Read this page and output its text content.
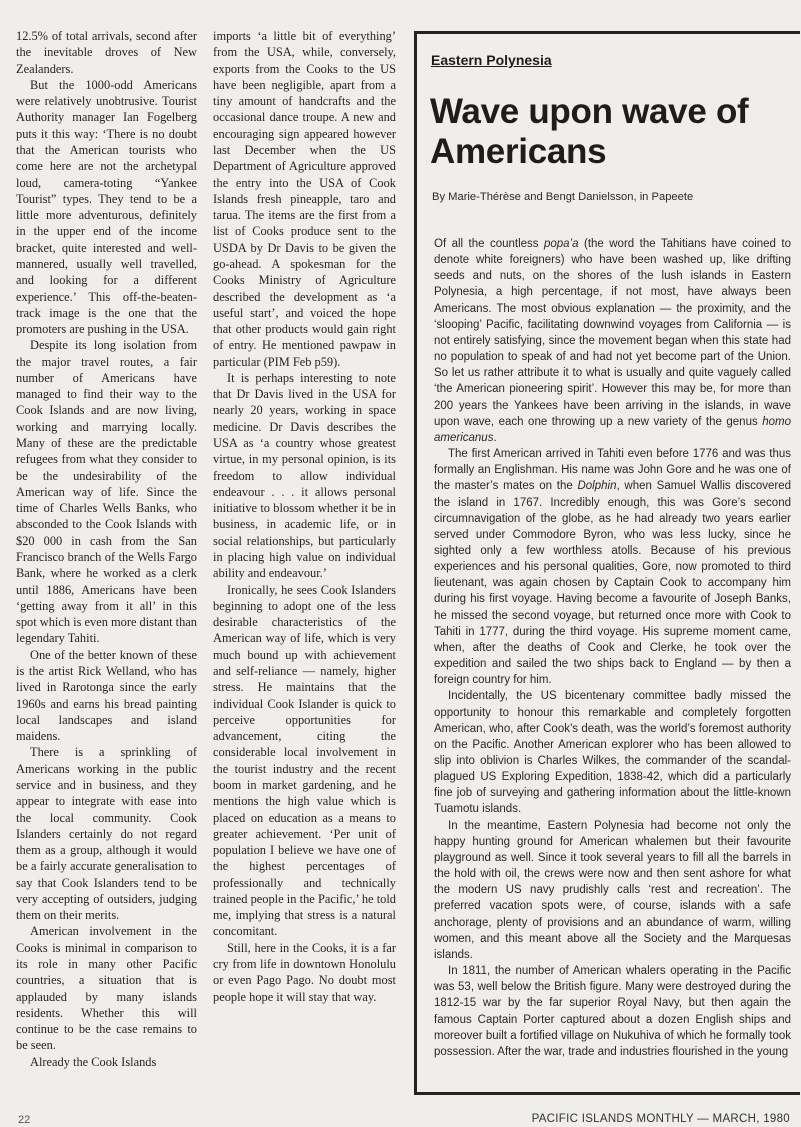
12.5% of total arrivals, second after the inevitable droves of New Zealanders.

But the 1000-odd Americans were relatively unobtrusive. Tourist Authority manager Ian Fogelberg puts it this way: ‘There is no doubt that the American tourists who come here are not the archetypal loud, camera-toting “Yankee Tourist” types. They tend to be a little more adventurous, definitely in the upper end of the income bracket, quite interested and well-mannered, usually well travelled, and looking for a different experience.’ This off-the-beaten-track image is the one that the promoters are pushing in the USA.

Despite its long isolation from the major travel routes, a fair number of Americans have managed to find their way to the Cook Islands and are now living, working and marrying locally. Many of these are the predictable refugees from what they consider to be the undesirability of the American way of life. Since the time of Charles Wells Banks, who absconded to the Cook Islands with $20 000 in cash from the San Francisco branch of the Wells Fargo Bank, where he worked as a clerk until 1886, Americans have been ‘getting away from it all’ in this spot which is even more distant than legendary Tahiti.

One of the better known of these is the artist Rick Welland, who has lived in Rarotonga since the early 1960s and earns his bread painting local landscapes and island maidens.

There is a sprinkling of Americans working in the public service and in business, and they appear to integrate with ease into the local community. Cook Islanders certainly do not regard them as a group, although it would be a fairly accurate generalisation to say that Cook Islanders tend to be very accepting of outsiders, judging them on their merits.

American involvement in the Cooks is minimal in comparison to its role in many other Pacific countries, a situation that is applauded by many islands residents. Whether this will continue to be the case remains to be seen.

Already the Cook Islands

imports ‘a little bit of everything’ from the USA, while, conversely, exports from the Cooks to the US have been negligible, apart from a tiny amount of handcrafts and the occasional dance troupe. A new and encouraging sign appeared however last December when the US Department of Agriculture approved the entry into the USA of Cook Islands fresh pineapple, taro and tarua. The items are the first from a list of Cooks produce sent to the USDA by Dr Davis to be given the go-ahead. A spokesman for the Cooks Ministry of Agriculture described the development as ‘a useful start’, and voiced the hope that other products would gain right of entry. He mentioned pawpaw in particular (PIM Feb p59).

It is perhaps interesting to note that Dr Davis lived in the USA for nearly 20 years, working in space medicine. Dr Davis describes the USA as ‘a country whose greatest virtue, in my personal opinion, is its freedom to allow individual endeavour . . . it allows personal initiative to blossom whether it be in business, in academic life, or in social relationships, but particularly in placing high value on individual ability and endeavour.’

Ironically, he sees Cook Islanders beginning to adopt one of the less desirable characteristics of the American way of life, which is very much bound up with achievement and self-reliance — namely, higher stress. He maintains that the individual Cook Islander is quick to perceive opportunities for advancement, citing the considerable local involvement in the tourist industry and the recent boom in market gardening, and he mentions the high value which is placed on education as a means to greater achievement. ‘Per unit of population I believe we have one of the highest percentages of professionally and technically trained people in the Pacific,’ he told me, implying that stress is a natural concomitant.

Still, here in the Cooks, it is a far cry from life in downtown Honolulu or even Pago Pago. No doubt most people hope it will stay that way.

Eastern Polynesia
Wave upon wave of Americans
By Marie-Thérèse and Bengt Danielsson, in Papeete

Of all the countless popa’a (the word the Tahitians have coined to denote white foreigners) who have been washed up, like drifting seeds and nuts, on the shores of the lush islands in Eastern Polynesia, a high percentage, if not most, have always been Americans. The most obvious explanation — the proximity, and the ‘slooping’ Pacific, facilitating downwind voyages from California — is not entirely satisfying, since the movement began when this state had no population to speak of and had not yet become part of the Union. So let us rather attribute it to what is usually and quite vaguely called ‘the American pioneering spirit’. However this may be, for more than 200 years the Yankees have been arriving in the islands, in wave upon wave, each one throwing up a new variety of the genus homo americanus.

The first American arrived in Tahiti even before 1776 and was thus formally an Englishman. His name was John Gore and he was one of the master’s mates on the Dolphin, when Samuel Wallis discovered the island in 1767. Incredibly enough, this was Gore’s second circumnavigation of the globe, as he had already two years earlier served under Commodore Byron, who was less lucky, since he sighted only a few worthless atolls. Because of his previous experiences and his personal qualities, Gore, now promoted to third lieutenant, was again chosen by Captain Cook to accompany him during his first voyage. Having become a favourite of Joseph Banks, he missed the second voyage, but returned once more with Cook to Tahiti in 1777, during the third voyage. His supreme moment came, when, after the deaths of Cook and Clerke, he took over the expedition and sailed the two ships back to England — by then a foreign country for him.

Incidentally, the US bicentenary committee badly missed the opportunity to honour this remarkable and completely forgotten American, who, after Cook’s death, was the world’s foremost authority on the Pacific. Another American explorer who has been allowed to slip into oblivion is Charles Wilkes, the commander of the scandal-plagued US Exploring Expedition, 1838-42, which did a particularly fine job of surveying and gathering information about the little-known Tuamotu islands.

In the meantime, Eastern Polynesia had become not only the happy hunting ground for American whalemen but their favourite playground as well. Since it took several years to fill all the barrels in the hold with oil, the crews were now and then sent ashore for what the modern US navy prudishly calls ‘rest and recreation’. The preferred vacation spots were, of course, islands with a safe anchorage, plenty of provisions and an abundance of warm, willing women, and this meant above all the Society and the Marquesas islands.

In 1811, the number of American whalers operating in the Pacific was 53, well below the British figure. Many were destroyed during the 1812-15 war by the far superior Royal Navy, but then again the famous Captain Porter captured about a dozen English ships and moreover built a fortified village on Nukuhiva of which he formally took possession. After the war, trade and industries flourished in the young

22	PACIFIC ISLANDS MONTHLY — MARCH, 1980
